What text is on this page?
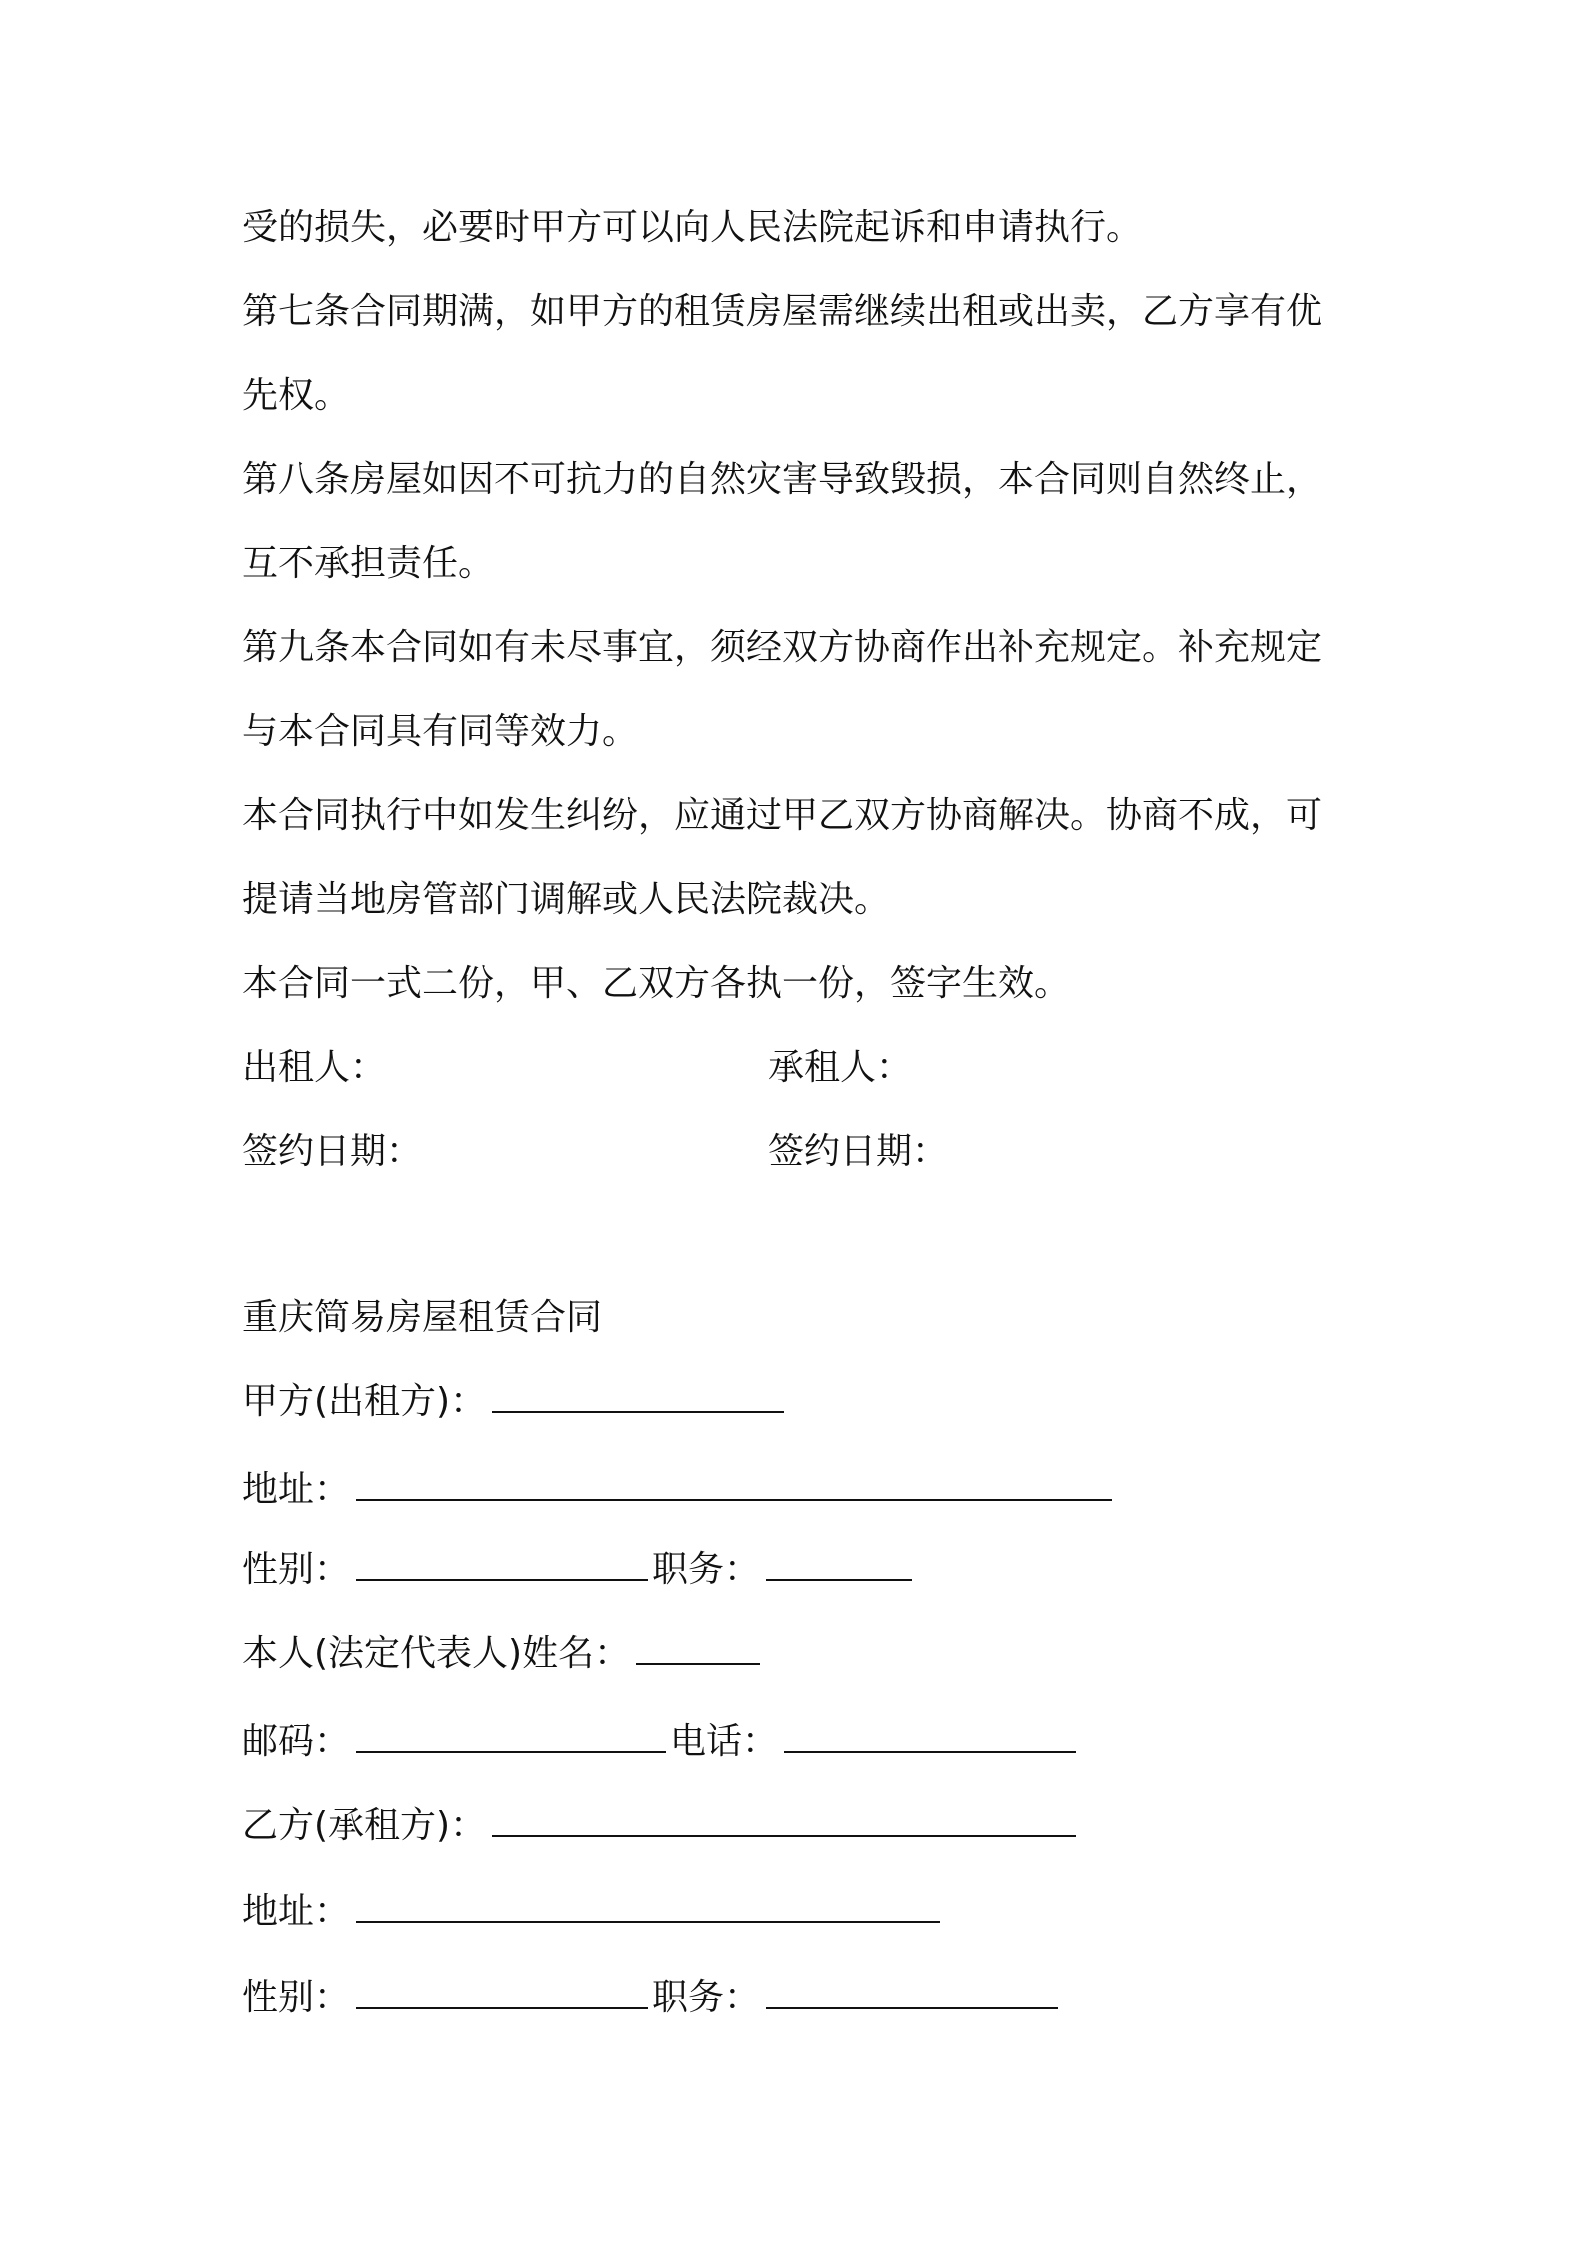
受的损失，必要时甲方可以向人民法院起诉和申请执行。
第七条合同期满，如甲方的租赁房屋需继续出租或出卖，乙方享有优
先权。
第八条房屋如因不可抗力的自然灾害导致毁损，本合同则自然终止，
互不承担责任。
第九条本合同如有未尽事宜，须经双方协商作出补充规定。补充规定
与本合同具有同等效力。
本合同执行中如发生纠纷，应通过甲乙双方协商解决。协商不成，可
提请当地房管部门调解或人民法院裁决。
本合同一式二份，甲、乙双方各执一份，签字生效。
出租人：	承租人：
签约日期：	签约日期：
重庆简易房屋租赁合同
甲方(出租方)：
地址：
性别：	职务：
本人(法定代表人)姓名：
邮码：	电话：
乙方(承租方)：
地址：
性别：	职务：
